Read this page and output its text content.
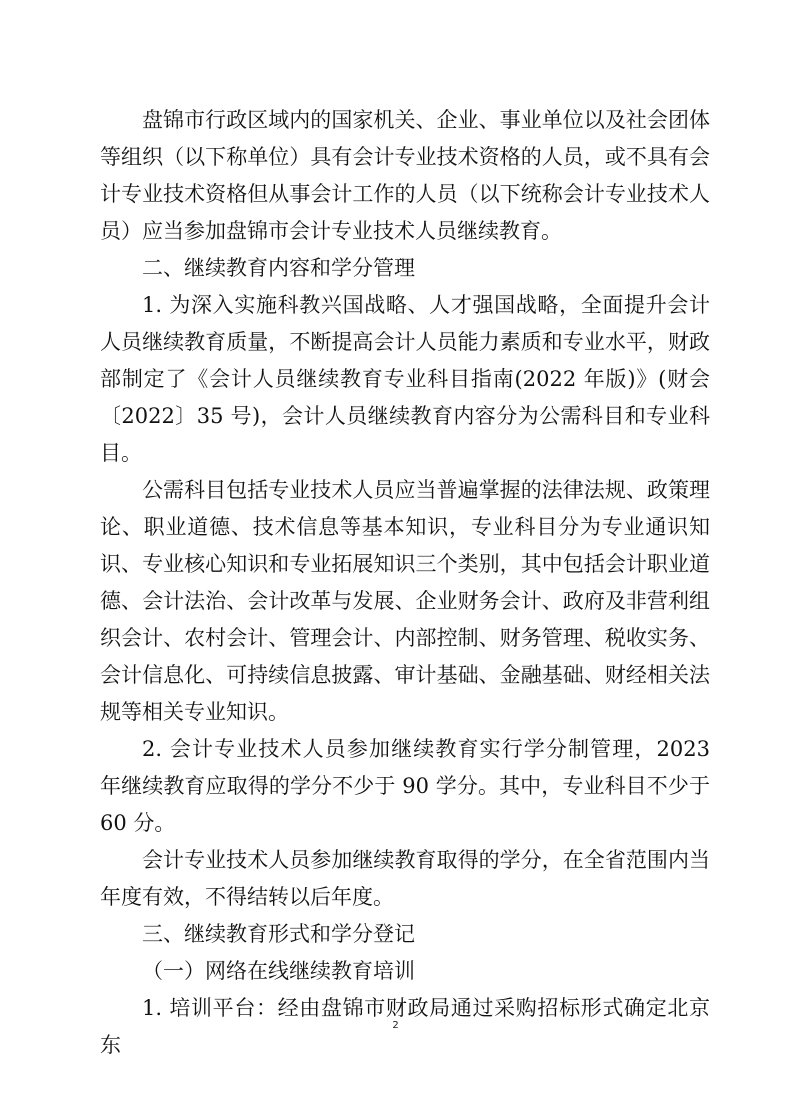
盘锦市行政区域内的国家机关、企业、事业单位以及社会团体等组织（以下称单位）具有会计专业技术资格的人员，或不具有会计专业技术资格但从事会计工作的人员（以下统称会计专业技术人员）应当参加盘锦市会计专业技术人员继续教育。

二、继续教育内容和学分管理

1. 为深入实施科教兴国战略、人才强国战略，全面提升会计人员继续教育质量，不断提高会计人员能力素质和专业水平，财政部制定了《会计人员继续教育专业科目指南(2022 年版)》(财会〔2022〕35 号)，会计人员继续教育内容分为公需科目和专业科目。

公需科目包括专业技术人员应当普遍掌握的法律法规、政策理论、职业道德、技术信息等基本知识，专业科目分为专业通识知识、专业核心知识和专业拓展知识三个类别，其中包括会计职业道德、会计法治、会计改革与发展、企业财务会计、政府及非营利组织会计、农村会计、管理会计、内部控制、财务管理、税收实务、会计信息化、可持续信息披露、审计基础、金融基础、财经相关法规等相关专业知识。

2. 会计专业技术人员参加继续教育实行学分制管理，2023 年继续教育应取得的学分不少于 90 学分。其中，专业科目不少于 60 分。

会计专业技术人员参加继续教育取得的学分，在全省范围内当年度有效，不得结转以后年度。

三、继续教育形式和学分登记

（一）网络在线继续教育培训

1. 培训平台：经由盘锦市财政局通过采购招标形式确定北京东

2
